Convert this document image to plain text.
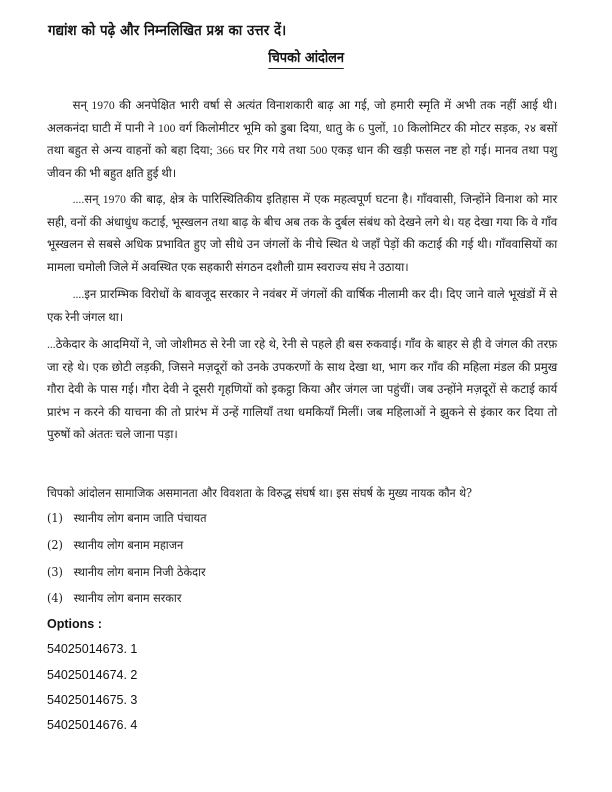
गद्यांश को पढ़े और निम्नलिखित प्रश्न का उत्तर दें।
चिपको आंदोलन
सन् 1970 की अनपेक्षित भारी वर्षा से अत्यंत विनाशकारी बाढ़ आ गई, जो हमारी स्मृति में अभी तक नहीं आई थी। अलकनंदा घाटी में पानी ने 100 वर्ग किलोमीटर भूमि को डुबा दिया, धातु के 6 पुलों, 10 किलोमिटर की मोटर सड़क, २४ बसों तथा बहुत से अन्य वाहनों को बहा दिया; 366 घर गिर गये तथा 500 एकड़ धान की खड़ी फसल नष्ट हो गई। मानव तथा पशु जीवन की भी बहुत क्षति हुई थी।
....सन् 1970 की बाढ़, क्षेत्र के पारिस्थितिकीय इतिहास में एक महत्वपूर्ण घटना है। गाँववासी, जिन्होंने विनाश को मार सही, वनों की अंधाधुंध कटाई, भूस्खलन तथा बाढ़ के बीच अब तक के दुर्बल संबंध को देखने लगे थे। यह देखा गया कि वे गाँव भूस्खलन से सबसे अधिक प्रभावित हुए जो सीधे उन जंगलों के नीचे स्थित थे जहाँ पेड़ों की कटाई की गई थी। गाँववासियों का मामला चमोली जिले में अवस्थित एक सहकारी संगठन दशौली ग्राम स्वराज्य संघ ने उठाया।
....इन प्रारम्भिक विरोधों के बावजूद सरकार ने नवंबर में जंगलों की वार्षिक नीलामी कर दी। दिए जाने वाले भूखंडों में से एक रेनी जंगल था।
...ठेकेदार के आदमियों ने, जो जोशीमठ से रेनी जा रहे थे, रेनी से पहले ही बस रुकवाई। गाँव के बाहर से ही वे जंगल की तरफ़ जा रहे थे। एक छोटी लड़की, जिसने मज़दूरों को उनके उपकरणों के साथ देखा था, भाग कर गाँव की महिला मंडल की प्रमुख गौरा देवी के पास गई। गौरा देवी ने दूसरी गृहणियों को इकट्ठा किया और जंगल जा पहुंचीं। जब उन्होंने मज़दूरों से कटाई कार्य प्रारंभ न करने की याचना की तो प्रारंभ में उन्हें गालियाँ तथा धमकियाँ मिलीं। जब महिलाओं ने झुकने से इंकार कर दिया तो पुरुषों को अंततः चले जाना पड़ा।
चिपको आंदोलन सामाजिक असमानता और विवशता के विरुद्ध संघर्ष था। इस संघर्ष के मुख्य नायक कौन थे?
(1) स्थानीय लोग बनाम जाति पंचायत
(2) स्थानीय लोग बनाम महाजन
(3) स्थानीय लोग बनाम निजी ठेकेदार
(4) स्थानीय लोग बनाम सरकार
Options :
54025014673. 1
54025014674. 2
54025014675. 3
54025014676. 4
